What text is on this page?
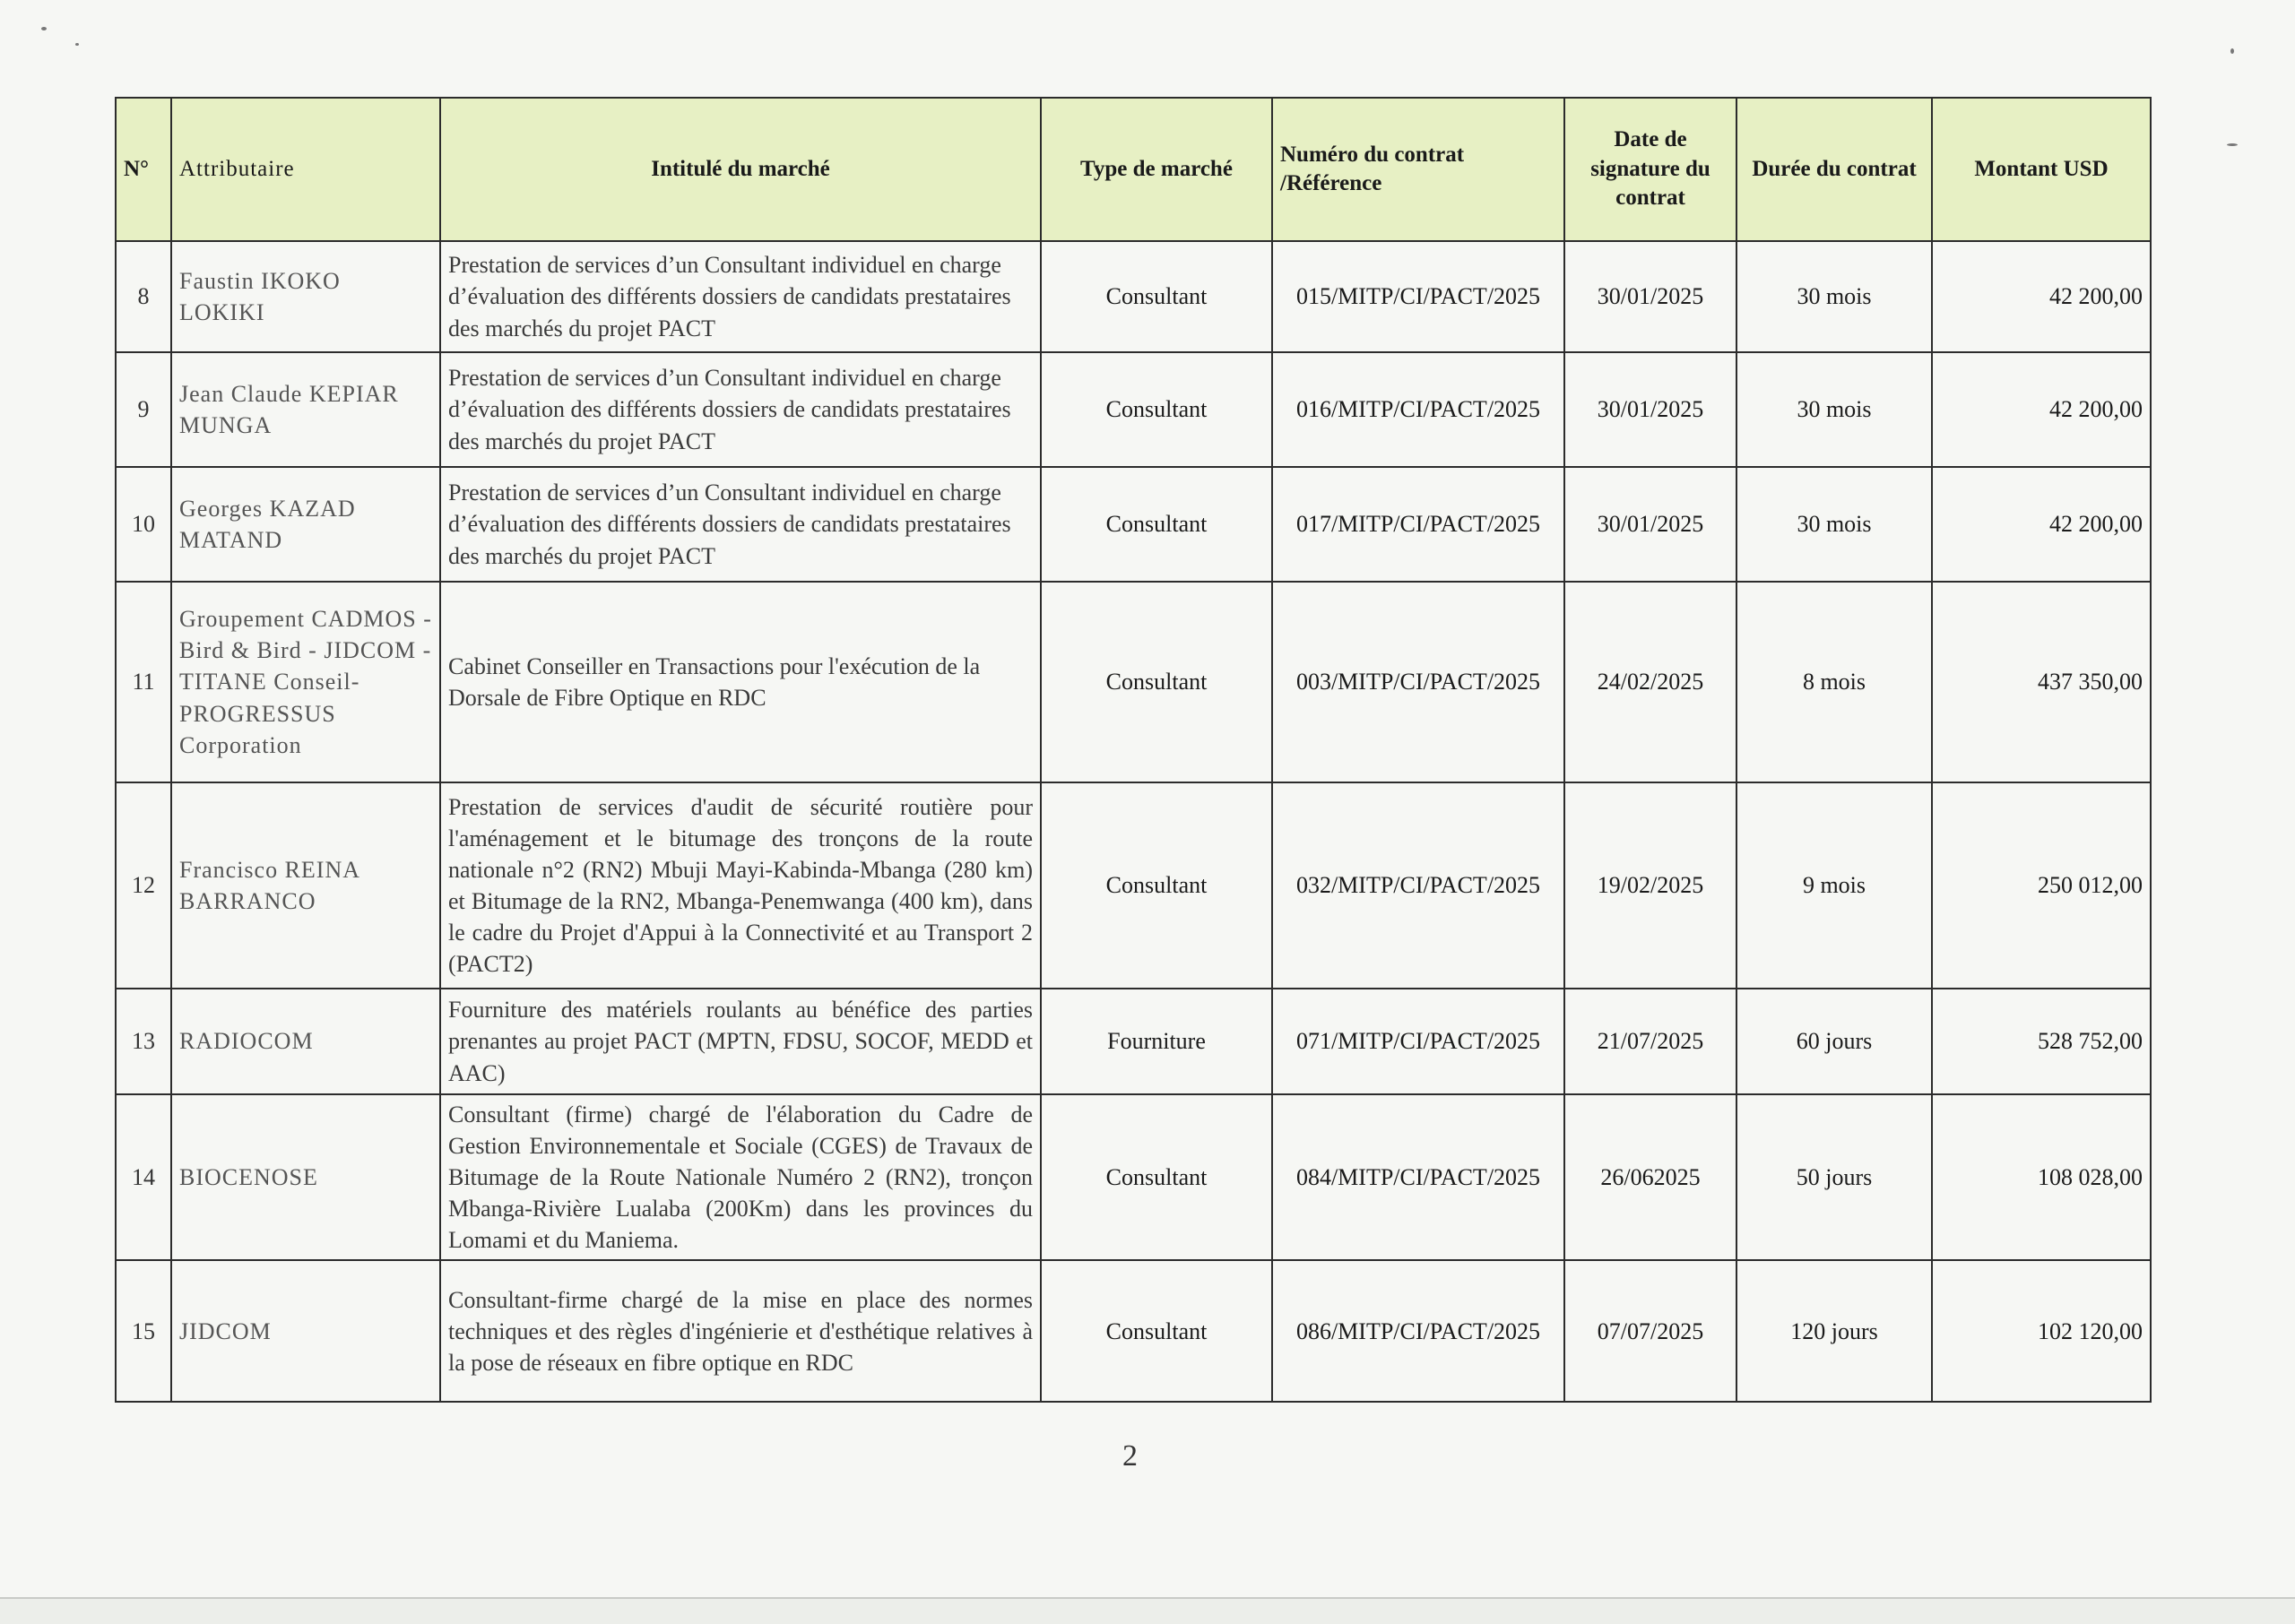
N°	Attributaire	Intitulé du marché	Type de marché	Numéro du contrat /Référence	Date de signature du contrat	Durée du contrat	Montant USD
8	Faustin IKOKO LOKIKI	Prestation de services d’un Consultant individuel en charge d’évaluation des différents dossiers de candidats prestataires des marchés du projet PACT	Consultant	015/MITP/CI/PACT/2025	30/01/2025	30 mois	42 200,00
9	Jean Claude KEPIAR MUNGA	Prestation de services d’un Consultant individuel en charge d’évaluation des différents dossiers de candidats prestataires des marchés du projet PACT	Consultant	016/MITP/CI/PACT/2025	30/01/2025	30 mois	42 200,00
10	Georges KAZAD MATAND	Prestation de services d’un Consultant individuel en charge d’évaluation des différents dossiers de candidats prestataires des marchés du projet PACT	Consultant	017/MITP/CI/PACT/2025	30/01/2025	30 mois	42 200,00
11	Groupement CADMOS - Bird & Bird - JIDCOM - TITANE Conseil-PROGRESSUS Corporation	Cabinet Conseiller en Transactions pour l'exécution de la Dorsale de Fibre Optique en RDC	Consultant	003/MITP/CI/PACT/2025	24/02/2025	8 mois	437 350,00
12	Francisco REINA BARRANCO	Prestation de services d'audit de sécurité routière pour l'aménagement et le bitumage des tronçons de la route nationale n°2 (RN2) Mbuji Mayi-Kabinda-Mbanga (280 km) et Bitumage de la RN2, Mbanga-Penemwanga (400 km), dans le cadre du Projet d'Appui à la Connectivité et au Transport 2 (PACT2)	Consultant	032/MITP/CI/PACT/2025	19/02/2025	9 mois	250 012,00
13	RADIOCOM	Fourniture des matériels roulants au bénéfice des parties prenantes au projet PACT (MPTN, FDSU, SOCOF, MEDD et AAC)	Fourniture	071/MITP/CI/PACT/2025	21/07/2025	60 jours	528 752,00
14	BIOCENOSE	Consultant (firme) chargé de l'élaboration du Cadre de Gestion Environnementale et Sociale (CGES) de Travaux de Bitumage de la Route Nationale Numéro 2 (RN2), tronçon Mbanga-Rivière Lualaba (200Km) dans les provinces du Lomami et du Maniema.	Consultant	084/MITP/CI/PACT/2025	26/062025	50 jours	108 028,00
15	JIDCOM	Consultant-firme chargé de la mise en place des normes techniques et des règles d'ingénierie et d'esthétique relatives à la pose de réseaux en fibre optique en RDC	Consultant	086/MITP/CI/PACT/2025	07/07/2025	120 jours	102 120,00
2
